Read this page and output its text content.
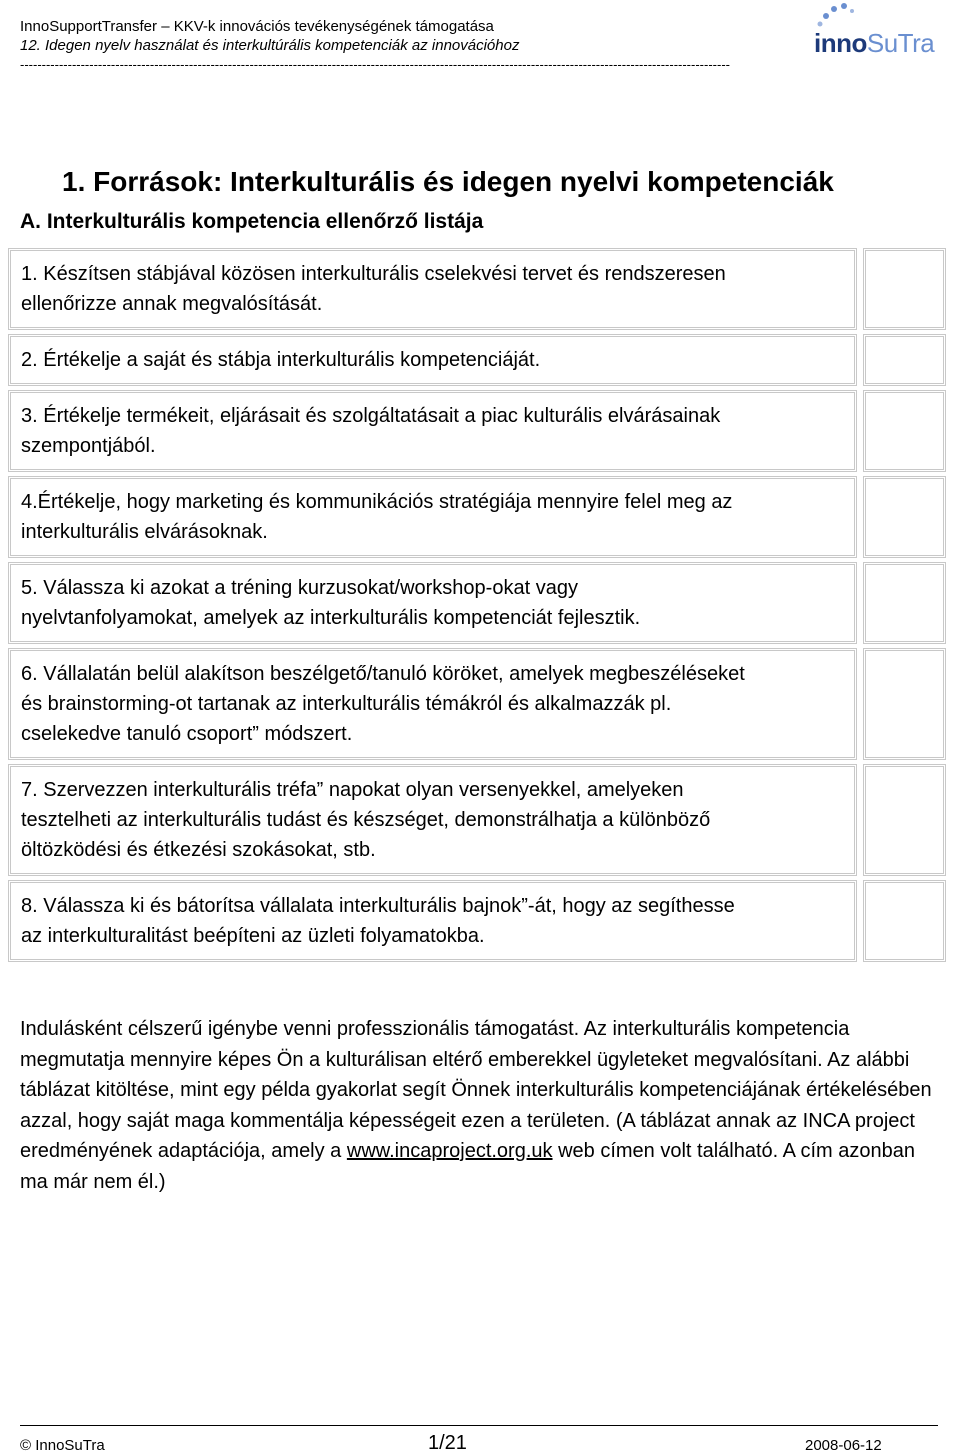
InnoSupportTransfer – KKV-k innovációs tevékenységének támogatása
12. Idegen nyelv használat és interkultúrális kompetenciák az innovációhoz
--------------------------------------------------------------------------------------------------------------------------------------------------------------------
innoSuTra
1. Források: Interkulturális és idegen nyelvi kompetenciák
A. Interkulturális kompetencia ellenőrző listája
1. Készítsen stábjával közösen interkulturális cselekvési tervet és rendszeresen
ellenőrizze annak megvalósítását.
2. Értékelje a saját és stábja interkulturális kompetenciáját.
3. Értékelje termékeit, eljárásait és szolgáltatásait a piac kulturális elvárásainak
szempontjából.
4.Értékelje, hogy marketing és kommunikációs stratégiája mennyire felel meg az
interkulturális elvárásoknak.
5. Válassza ki azokat a tréning kurzusokat/workshop-okat vagy
nyelvtanfolyamokat, amelyek az interkulturális kompetenciát fejlesztik.
6. Vállalatán belül alakítson beszélgető/tanuló köröket, amelyek megbeszéléseket
és brainstorming-ot tartanak az interkulturális témákról és alkalmazzák pl.
cselekedve tanuló csoport” módszert.
7. Szervezzen interkulturális tréfa” napokat olyan versenyekkel, amelyeken
tesztelheti az interkulturális tudást és készséget, demonstrálhatja a különböző
öltözködési és étkezési szokásokat, stb.
8. Válassza ki és bátorítsa vállalata interkulturális bajnok”-át, hogy az segíthesse
az interkulturalitást beépíteni az üzleti folyamatokba.
Indulásként célszerű igénybe venni professzionális támogatást. Az interkulturális kompetencia megmutatja mennyire képes Ön a kulturálisan eltérő emberekkel ügyleteket megvalósítani. Az alábbi táblázat kitöltése, mint egy példa gyakorlat segít Önnek interkulturális kompetenciájának értékelésében azzal, hogy saját maga kommentálja képességeit ezen a területen. (A táblázat annak az INCA project eredményének adaptációja, amely a www.incaproject.org.uk web címen volt található. A cím azonban ma már nem él.)
© InnoSuTra	1/21	2008-06-12
